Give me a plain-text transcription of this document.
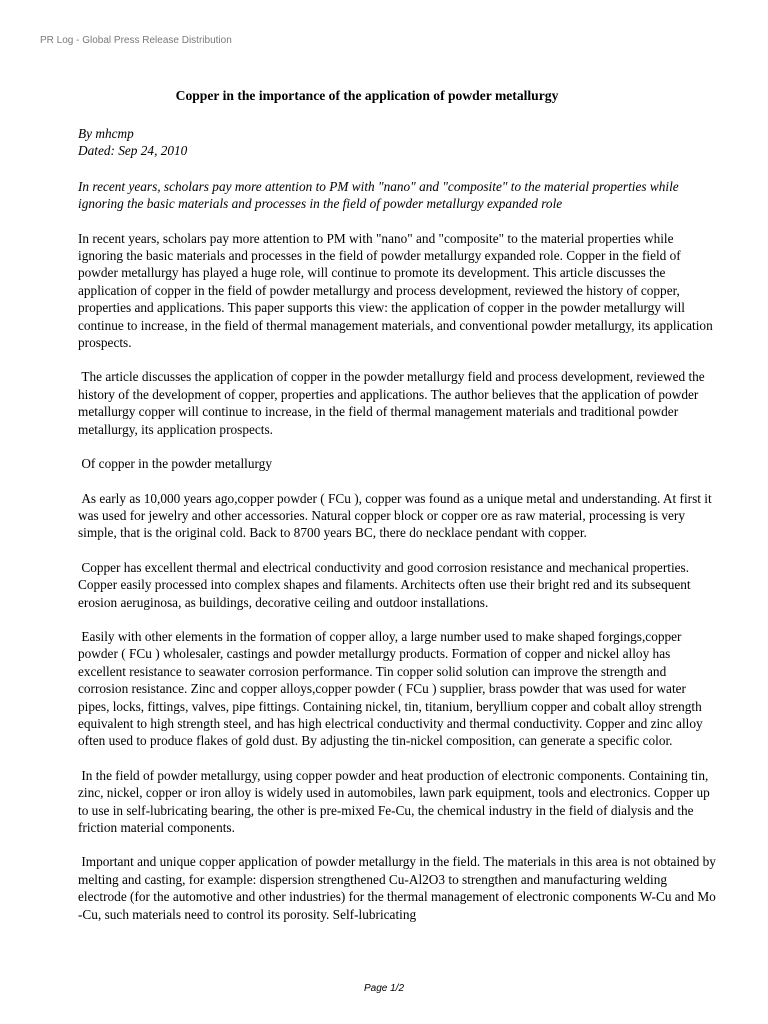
PR Log - Global Press Release Distribution
Copper in the importance of the application of powder metallurgy
By mhcmp
Dated: Sep 24, 2010

In recent years, scholars pay more attention to PM with "nano" and "composite" to the material properties while ignoring the basic materials and processes in the field of powder metallurgy expanded role

In recent years, scholars pay more attention to PM with "nano" and "composite" to the material properties while ignoring the basic materials and processes in the field of powder metallurgy expanded role. Copper in the field of powder metallurgy has played a huge role, will continue to promote its development. This article discusses the application of copper in the field of powder metallurgy and process development, reviewed the history of copper, properties and applications. This paper supports this view: the application of copper in the powder metallurgy will continue to increase, in the field of thermal management materials, and conventional powder metallurgy, its application prospects.

The article discusses the application of copper in the powder metallurgy field and process development, reviewed the history of the development of copper, properties and applications. The author believes that the application of powder metallurgy copper will continue to increase, in the field of thermal management materials and traditional powder metallurgy, its application prospects.

Of copper in the powder metallurgy

As early as 10,000 years ago,copper powder ( FCu ), copper was found as a unique metal and understanding. At first it was used for jewelry and other accessories. Natural copper block or copper ore as raw material, processing is very simple, that is the original cold. Back to 8700 years BC, there do necklace pendant with copper.

Copper has excellent thermal and electrical conductivity and good corrosion resistance and mechanical properties. Copper easily processed into complex shapes and filaments. Architects often use their bright red and its subsequent erosion aeruginosa, as buildings, decorative ceiling and outdoor installations.

Easily with other elements in the formation of copper alloy, a large number used to make shaped forgings,copper powder ( FCu ) wholesaler, castings and powder metallurgy products. Formation of copper and nickel alloy has excellent resistance to seawater corrosion performance. Tin copper solid solution can improve the strength and corrosion resistance. Zinc and copper alloys,copper powder ( FCu ) supplier, brass powder that was used for water pipes, locks, fittings, valves, pipe fittings. Containing nickel, tin, titanium, beryllium copper and cobalt alloy strength equivalent to high strength steel, and has high electrical conductivity and thermal conductivity. Copper and zinc alloy often used to produce flakes of gold dust. By adjusting the tin-nickel composition, can generate a specific color.

In the field of powder metallurgy, using copper powder and heat production of electronic components. Containing tin, zinc, nickel, copper or iron alloy is widely used in automobiles, lawn park equipment, tools and electronics. Copper up to use in self-lubricating bearing, the other is pre-mixed Fe-Cu, the chemical industry in the field of dialysis and the friction material components.

Important and unique copper application of powder metallurgy in the field. The materials in this area is not obtained by melting and casting, for example: dispersion strengthened Cu-Al2O3 to strengthen and manufacturing welding electrode (for the automotive and other industries) for the thermal management of electronic components W-Cu and Mo -Cu, such materials need to control its porosity. Self-lubricating

Page 1/2
